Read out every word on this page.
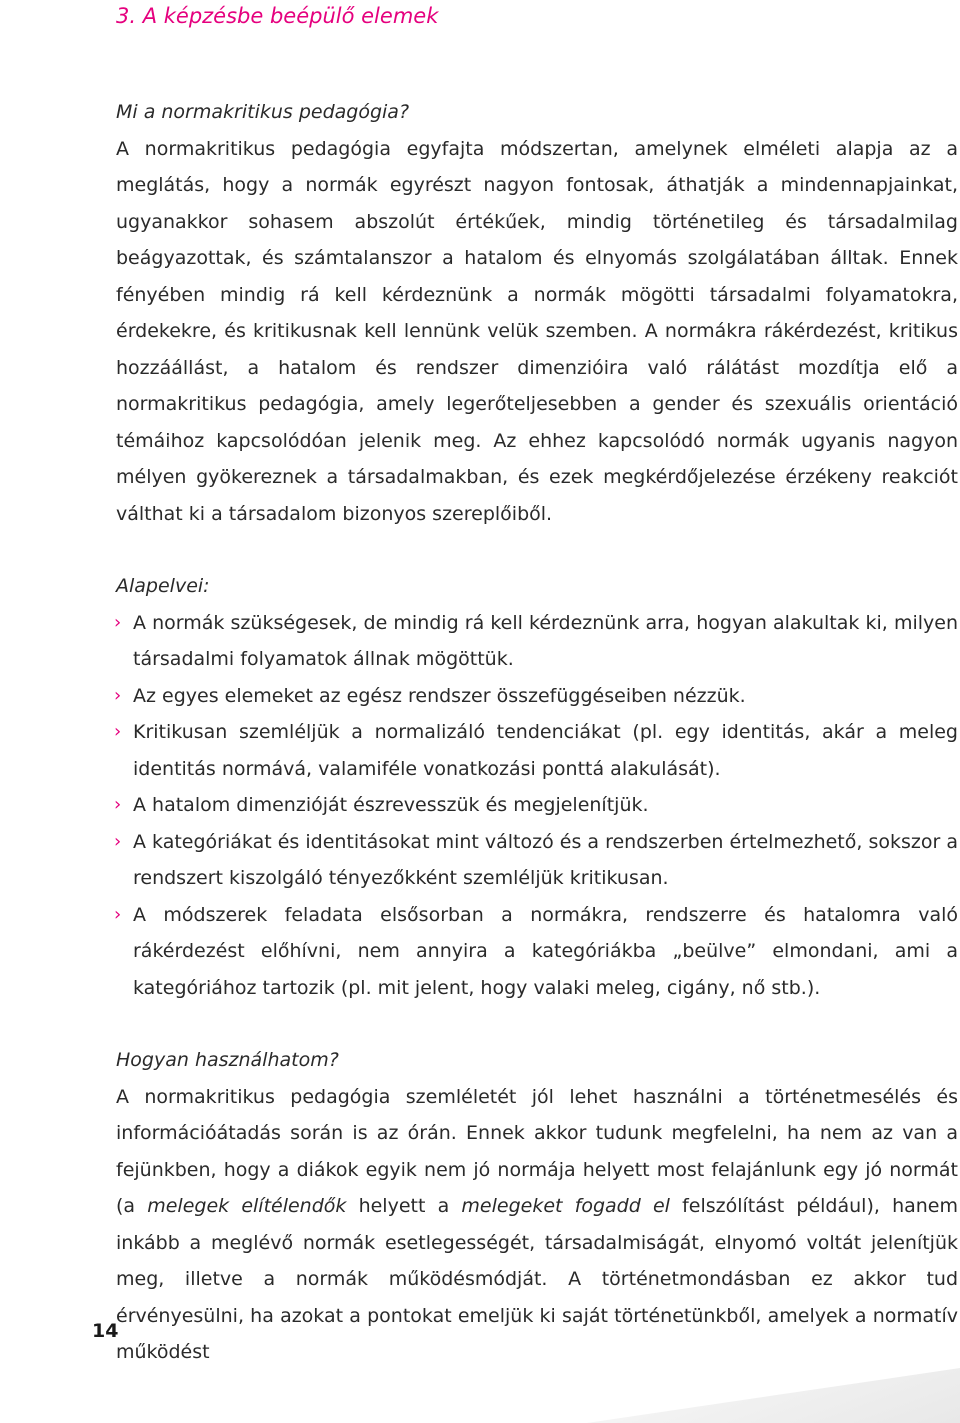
3. A képzésbe beépülő elemek

Mi a normakritikus pedagógia?

A normakritikus pedagógia egyfajta módszertan, amelynek elméleti alapja az a meglátás, hogy a normák egyrészt nagyon fontosak, áthatják a mindennapjainkat, ugyanakkor sohasem abszolút értékűek, mindig történetileg és társadalmilag beágyazottak, és számtalanszor a hatalom és elnyomás szolgálatában álltak. Ennek fényében mindig rá kell kérdeznünk a normák mögötti társadalmi folyamatokra, érdekekre, és kritikusnak kell lennünk velük szemben. A normákra rákérdezést, kritikus hozzáállást, a hatalom és rendszer dimenzióira való rálátást mozdítja elő a normakritikus pedagógia, amely legerőteljesebben a gender és szexuális orientáció témáihoz kapcsolódóan jelenik meg. Az ehhez kapcsolódó normák ugyanis nagyon mélyen gyökereznek a társadalmakban, és ezek megkérdőjelezése érzékeny reakciót válthat ki a társadalom bizonyos szereplőiből.

Alapelvei:

› A normák szükségesek, de mindig rá kell kérdeznünk arra, hogyan alakultak ki, milyen társadalmi folyamatok állnak mögöttük.
› Az egyes elemeket az egész rendszer összefüggéseiben nézzük.
› Kritikusan szemléljük a normalizáló tendenciákat (pl. egy identitás, akár a meleg identitás normává, valamiféle vonatkozási ponttá alakulását).
› A hatalom dimenzióját észrevesszük és megjelenítjük.
› A kategóriákat és identitásokat mint változó és a rendszerben értelmezhető, sokszor a rendszert kiszolgáló tényezőkként szemléljük kritikusan.
› A módszerek feladata elsősorban a normákra, rendszerre és hatalomra való rákérdezést előhívni, nem annyira a kategóriákba „beülve” elmondani, ami a kategóriához tartozik (pl. mit jelent, hogy valaki meleg, cigány, nő stb.).

Hogyan használhatom?

A normakritikus pedagógia szemléletét jól lehet használni a történetmesélés és információátadás során is az órán. Ennek akkor tudunk megfelelni, ha nem az van a fejünkben, hogy a diákok egyik nem jó normája helyett most felajánlunk egy jó normát (a melegek elítélendők helyett a melegeket fogadd el felszólítást például), hanem inkább a meglévő normák esetlegességét, társadalmiságát, elnyomó voltát jelenítjük meg, illetve a normák működésmódját. A történetmondásban ez akkor tud érvényesülni, ha azokat a pontokat emeljük ki saját történetünkből, amelyek a normatív működést

14
